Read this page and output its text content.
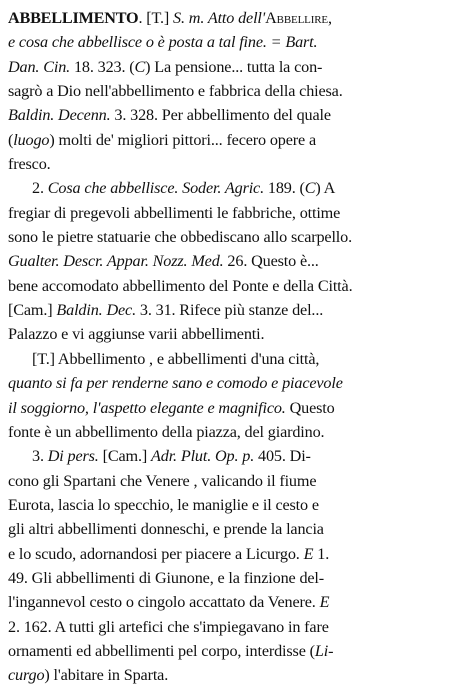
ABBELLIMENTO. [T.] S. m. Atto dell'Abbellire,
e cosa che abbellisce o è posta a tal fine. = Bart.
Dan. Cin. 18. 323. (C) La pensione... tutta la con-
sagrò a Dio nell'abbellimento e fabbrica della chiesa.
Baldin. Decenn. 3. 328. Per abbellimento del quale
(luogo) molti de' migliori pittori... fecero opere a
fresco.
2. Cosa che abbellisce. Soder. Agric. 189. (C) A
fregiar di pregevoli abbellimenti le fabbriche, ottime
sono le pietre statuarie che obbediscano allo scarpello.
Gualter. Descr. Appar. Nozz. Med. 26. Questo è...
bene accomodato abbellimento del Ponte e della Città.
[Cam.] Baldin. Dec. 3. 31. Rifece più stanze del...
Palazzo e vi aggiunse varii abbellimenti.
[T.] Abbellimento , e abbellimenti d'una città,
quanto si fa per renderne sano e comodo e piacevole
il soggiorno, l'aspetto elegante e magnifico. Questo
fonte è un abbellimento della piazza, del giardino.
3. Di pers. [Cam.] Adr. Plut. Op. p. 405. Di-
cono gli Spartani che Venere , valicando il fiume
Eurota, lascia lo specchio, le maniglie e il cesto e
gli altri abbellimenti donneschi, e prende la lancia
e lo scudo, adornandosi per piacere a Licurgo. E 1.
49. Gli abbellimenti di Giunone, e la finzione del-
l'ingannevol cesto o cingolo accattato da Venere. E
2. 162. A tutti gli artefici che s'impiegavano in fare
ornamenti ed abbellimenti pel corpo, interdisse (Li-
curgo) l'abitare in Sparta.
